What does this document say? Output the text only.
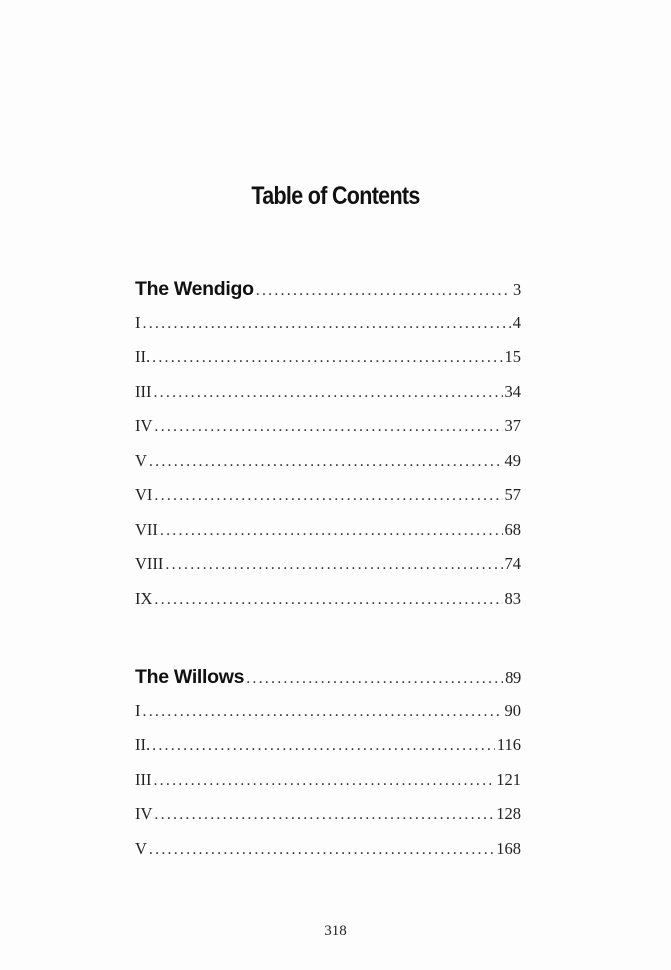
Table of Contents
The Wendigo .....	3
I .....	4
II. .....	15
III .....	34
IV .....	37
V .....	49
VI .....	57
VII .....	68
VIII .....	74
IX .....	83
The Willows .....	89
I .....	90
II. .....	116
III .....	121
IV .....	128
V .....	168
318
